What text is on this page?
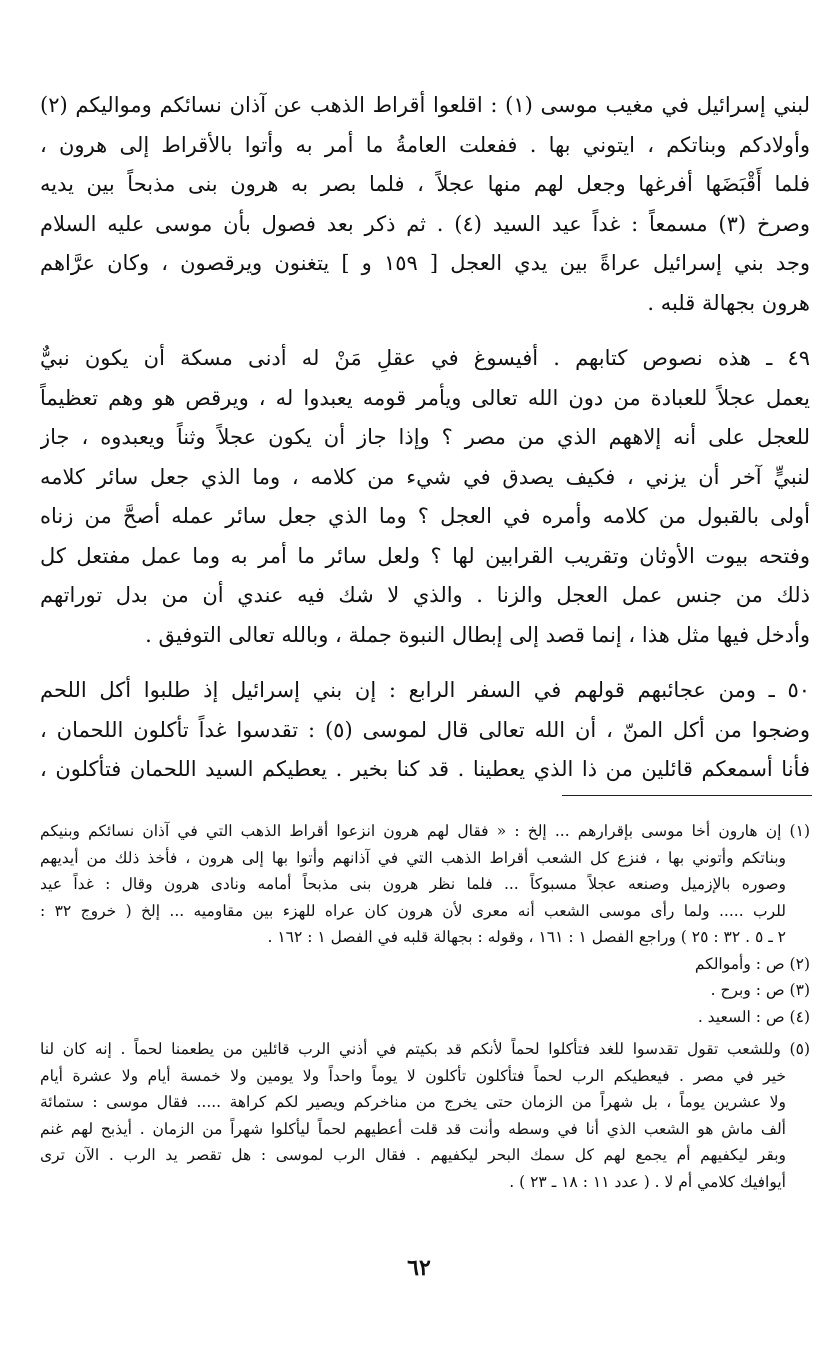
لبني إسرائيل في مغيب موسى (١) : اقلعوا أقراط الذهب عن آذان نسائكم ومواليكم (٢)
وأولادكم وبناتكم ، ايتوني بها . ففعلت العامةُ ما أمر به وأتوا بالأقراط إلى هرون ،
فلما أَقْبَضَها أفرغها وجعل لهم منها عجلاً ، فلما بصر به هرون بنى مذبحاً بين يديه
وصرخ (٣) مسمعاً : غداً عيد السيد (٤) . ثم ذكر بعد فصول بأن موسى عليه السلام
وجد بني إسرائيل عراةً بين يدي العجل [ ١٥٩ و ] يتغنون ويرقصون ، وكان عرَّاهم
هرون بجهالة قلبه .
٤٩ ـ هذه نصوص كتابهم . أفيسوغ في عقلِ مَنْ له أدنى مسكة أن يكون نبيٌّ
يعمل عجلاً للعبادة من دون الله تعالى ويأمر قومه يعبدوا له ، ويرقص هو وهم تعظيماً
للعجل على أنه إلاههم الذي من مصر ؟ وإذا جاز أن يكون عجلاً وثناً ويعبدوه ، جاز
لنبيٍّ آخر أن يزني ، فكيف يصدق في شيء من كلامه ، وما الذي جعل سائر كلامه
أولى بالقبول من كلامه وأمره في العجل ؟ وما الذي جعل سائر عمله أصحَّ من زناه
وفتحه بيوت الأوثان وتقريب القرابين لها ؟ ولعل سائر ما أمر به وما عمل مفتعل كل
ذلك من جنس عمل العجل والزنا . والذي لا شك فيه عندي أن من بدل توراتهم
وأدخل فيها مثل هذا ، إنما قصد إلى إبطال النبوة جملة ، وبالله تعالى التوفيق .
٥٠ ـ ومن عجائبهم قولهم في السفر الرابع : إن بني إسرائيل إذ طلبوا أكل اللحم
وضجوا من أكل المنّ ، أن الله تعالى قال لموسى (٥) : تقدسوا غداً تأكلون اللحمان ،
فأنا أسمعكم قائلين من ذا الذي يعطينا . قد كنا بخير . يعطيكم السيد اللحمان فتأكلون ،
(١) إن هارون أخا موسى بإقرارهم ... إلخ : « فقال لهم هرون انزعوا أقراط الذهب التي في آذان نسائكم وبنيكم
وبناتكم وأتوني بها ، فنزع كل الشعب أقراط الذهب التي في آذانهم وأتوا بها إلى هرون ، فأخذ ذلك من أيديهم
وصوره بالإزميل وصنعه عجلاً مسبوكاً ... فلما نظر هرون بنى مذبحاً أمامه ونادى هرون وقال : غداً عيد
للرب ..... ولما رأى موسى الشعب أنه معرى لأن هرون كان عراه للهزء بين مقاوميه ... إلخ ( خروج ٣٢ :
٢ ـ ٥ . ٣٢ : ٢٥ ) وراجع الفصل ١ : ١٦١ ، وقوله : بجهالة قلبه في الفصل ١ : ١٦٢ .
(٢) ص : وأموالكم
(٣) ص : وبرح .
(٤) ص : السعيد .
(٥) وللشعب تقول تقدسوا للغد فتأكلوا لحماً لأنكم قد بكيتم في أذني الرب قائلين من يطعمنا لحماً . إنه كان لنا
خير في مصر . فيعطيكم الرب لحماً فتأكلون تأكلون لا يوماً واحداً ولا يومين ولا خمسة أيام ولا عشرة أيام
ولا عشرين يوماً ، بل شهراً من الزمان حتى يخرج من مناخركم ويصير لكم كراهة ..... فقال موسى : ستمائة
ألف ماش هو الشعب الذي أنا في وسطه وأنت قد قلت أعطيهم لحماً ليأكلوا شهراً من الزمان . أيذبح لهم غنم
وبقر ليكفيهم أم يجمع لهم كل سمك البحر ليكفيهم . فقال الرب لموسى : هل تقصر يد الرب . الآن ترى
أيوافيك كلامي أم لا . ( عدد ١١ : ١٨ ـ ٢٣ ) .
٦٢
